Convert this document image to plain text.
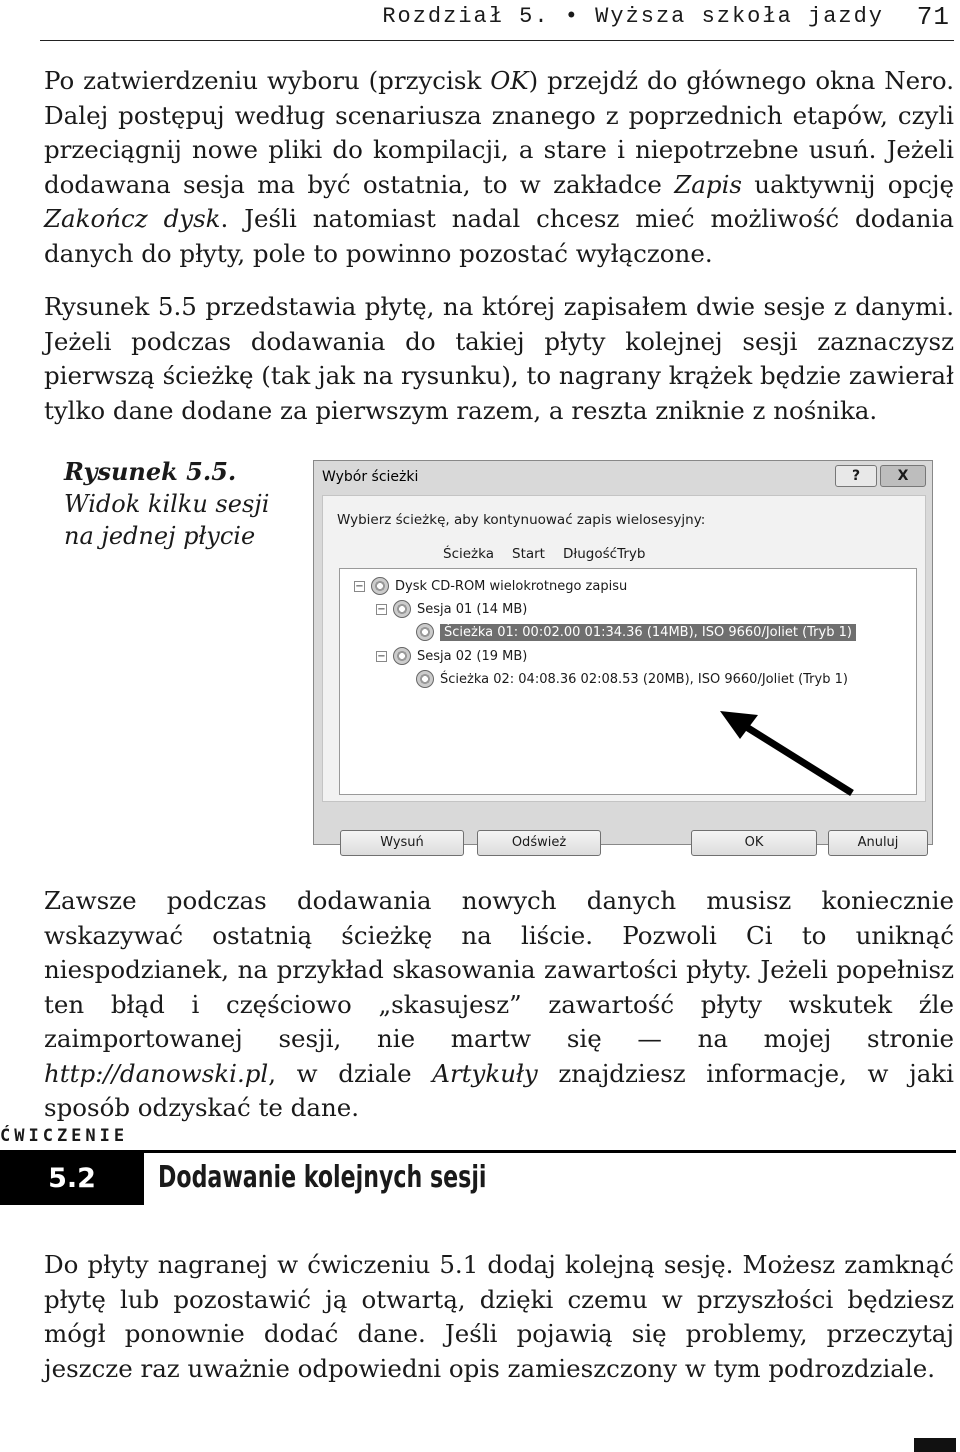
Rozdział 5. • Wyższa szkoła jazdy 71

Po zatwierdzeniu wyboru (przycisk OK) przejdź do głównego okna Nero. Dalej postępuj według scenariusza znanego z poprzednich etapów, czyli przeciągnij nowe pliki do kompilacji, a stare i niepotrzebne usuń. Jeżeli dodawana sesja ma być ostatnia, to w zakładce Zapis uaktywnij opcję Zakończ dysk. Jeśli natomiast nadal chcesz mieć możliwość dodania danych do płyty, pole to powinno pozostać wyłączone.

Rysunek 5.5 przedstawia płytę, na której zapisałem dwie sesje z danymi. Jeżeli podczas dodawania do takiej płyty kolejnej sesji zaznaczysz pierwszą ścieżkę (tak jak na rysunku), to nagrany krążek będzie zawierał tylko dane dodane za pierwszym razem, a reszta zniknie z nośnika.

Rysunek 5.5.
Widok kilku sesji na jednej płycie
Wybór ścieżki	?	X
Wybierz ścieżkę, aby kontynuować zapis wielosesyjny:
Ścieżka Start DługośćTryb
− Dysk CD-ROM wielokrotnego zapisu
− Sesja 01 (14 MB)
Ścieżka 01: 00:02.00 01:34.36 (14MB), ISO 9660/Joliet (Tryb 1)
− Sesja 02 (19 MB)
Ścieżka 02: 04:08.36 02:08.53 (20MB), ISO 9660/Joliet (Tryb 1)
Wysuń	Odśwież	OK	Anuluj

Zawsze podczas dodawania nowych danych musisz koniecznie wskazywać ostatnią ścieżkę na liście. Pozwoli Ci to uniknąć niespodzianek, na przykład skasowania zawartości płyty. Jeżeli popełnisz ten błąd i częściowo „skasujesz” zawartość płyty wskutek źle zaimportowanej sesji, nie martw się — na mojej stronie http://danowski.pl, w dziale Artykuły znajdziesz informacje, w jaki sposób odzyskać te dane.

ĆWICZENIE
5.2	Dodawanie kolejnych sesji

Do płyty nagranej w ćwiczeniu 5.1 dodaj kolejną sesję. Możesz zamknąć płytę lub pozostawić ją otwartą, dzięki czemu w przyszłości będziesz mógł ponownie dodać dane. Jeśli pojawią się problemy, przeczytaj jeszcze raz uważnie odpowiedni opis zamieszczony w tym podrozdziale.
